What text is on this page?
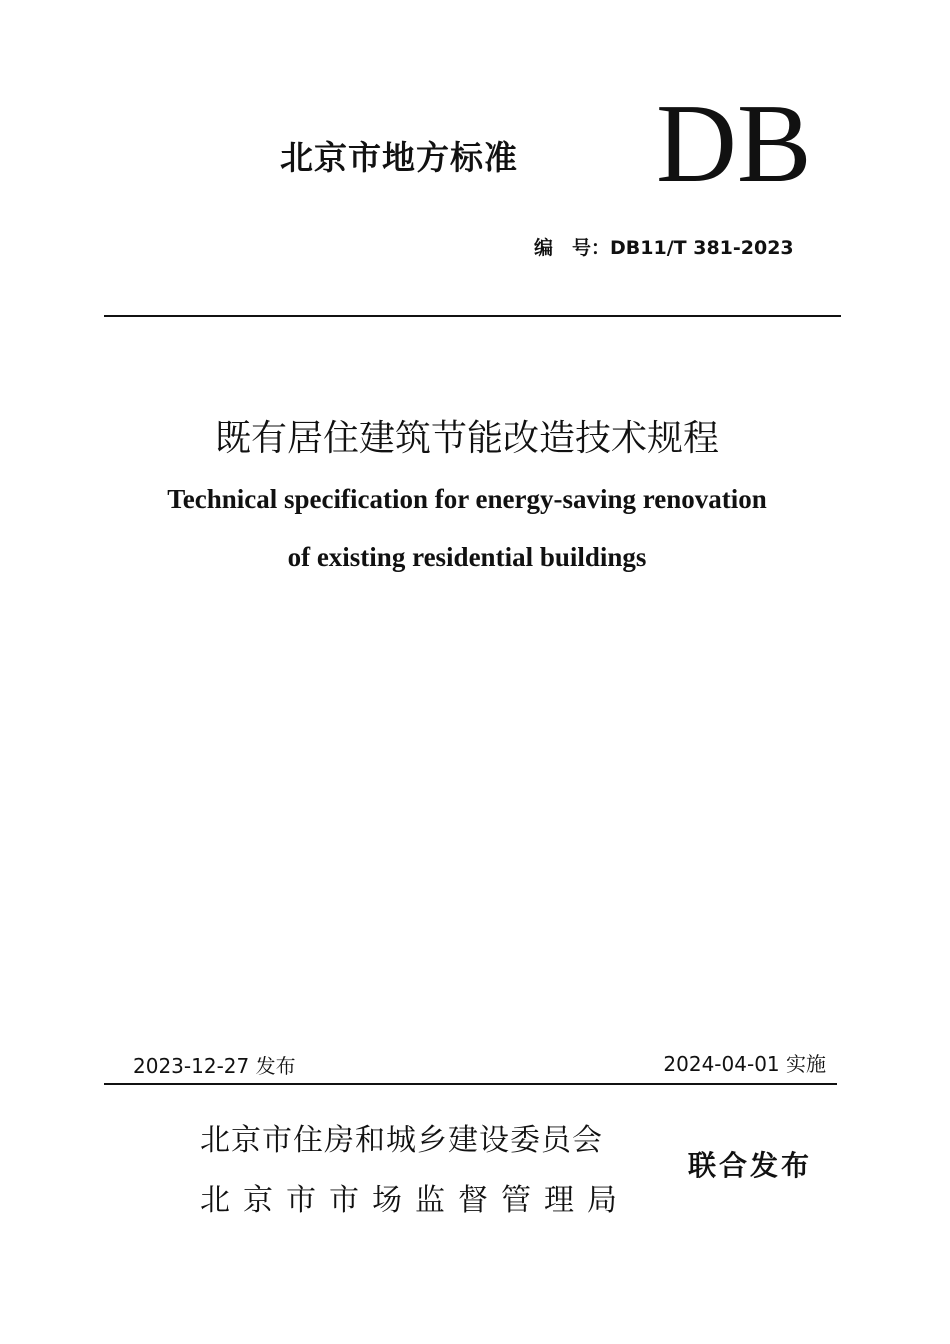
北京市地方标准 DB
编　号：DB11/T 381-2023
既有居住建筑节能改造技术规程
Technical specification for energy-saving renovation
of existing residential buildings
2023-12-27 发布	2024-04-01 实施
北京市住房和城乡建设委员会
北京市市场监督管理局
联合发布
